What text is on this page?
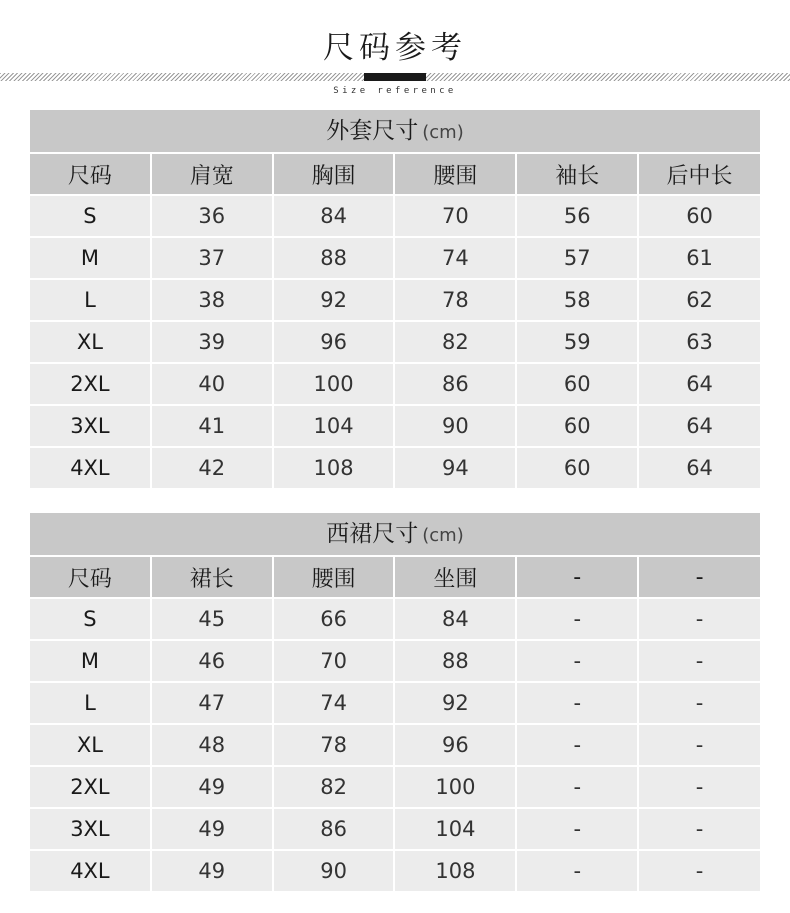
尺码参考
Size reference
外套尺寸 (cm)
尺码	肩宽	胸围	腰围	袖长	后中长
S	36	84	70	56	60
M	37	88	74	57	61
L	38	92	78	58	62
XL	39	96	82	59	63
2XL	40	100	86	60	64
3XL	41	104	90	60	64
4XL	42	108	94	60	64
西裙尺寸 (cm)
尺码	裙长	腰围	坐围	-	-
S	45	66	84	-	-
M	46	70	88	-	-
L	47	74	92	-	-
XL	48	78	96	-	-
2XL	49	82	100	-	-
3XL	49	86	104	-	-
4XL	49	90	108	-	-
